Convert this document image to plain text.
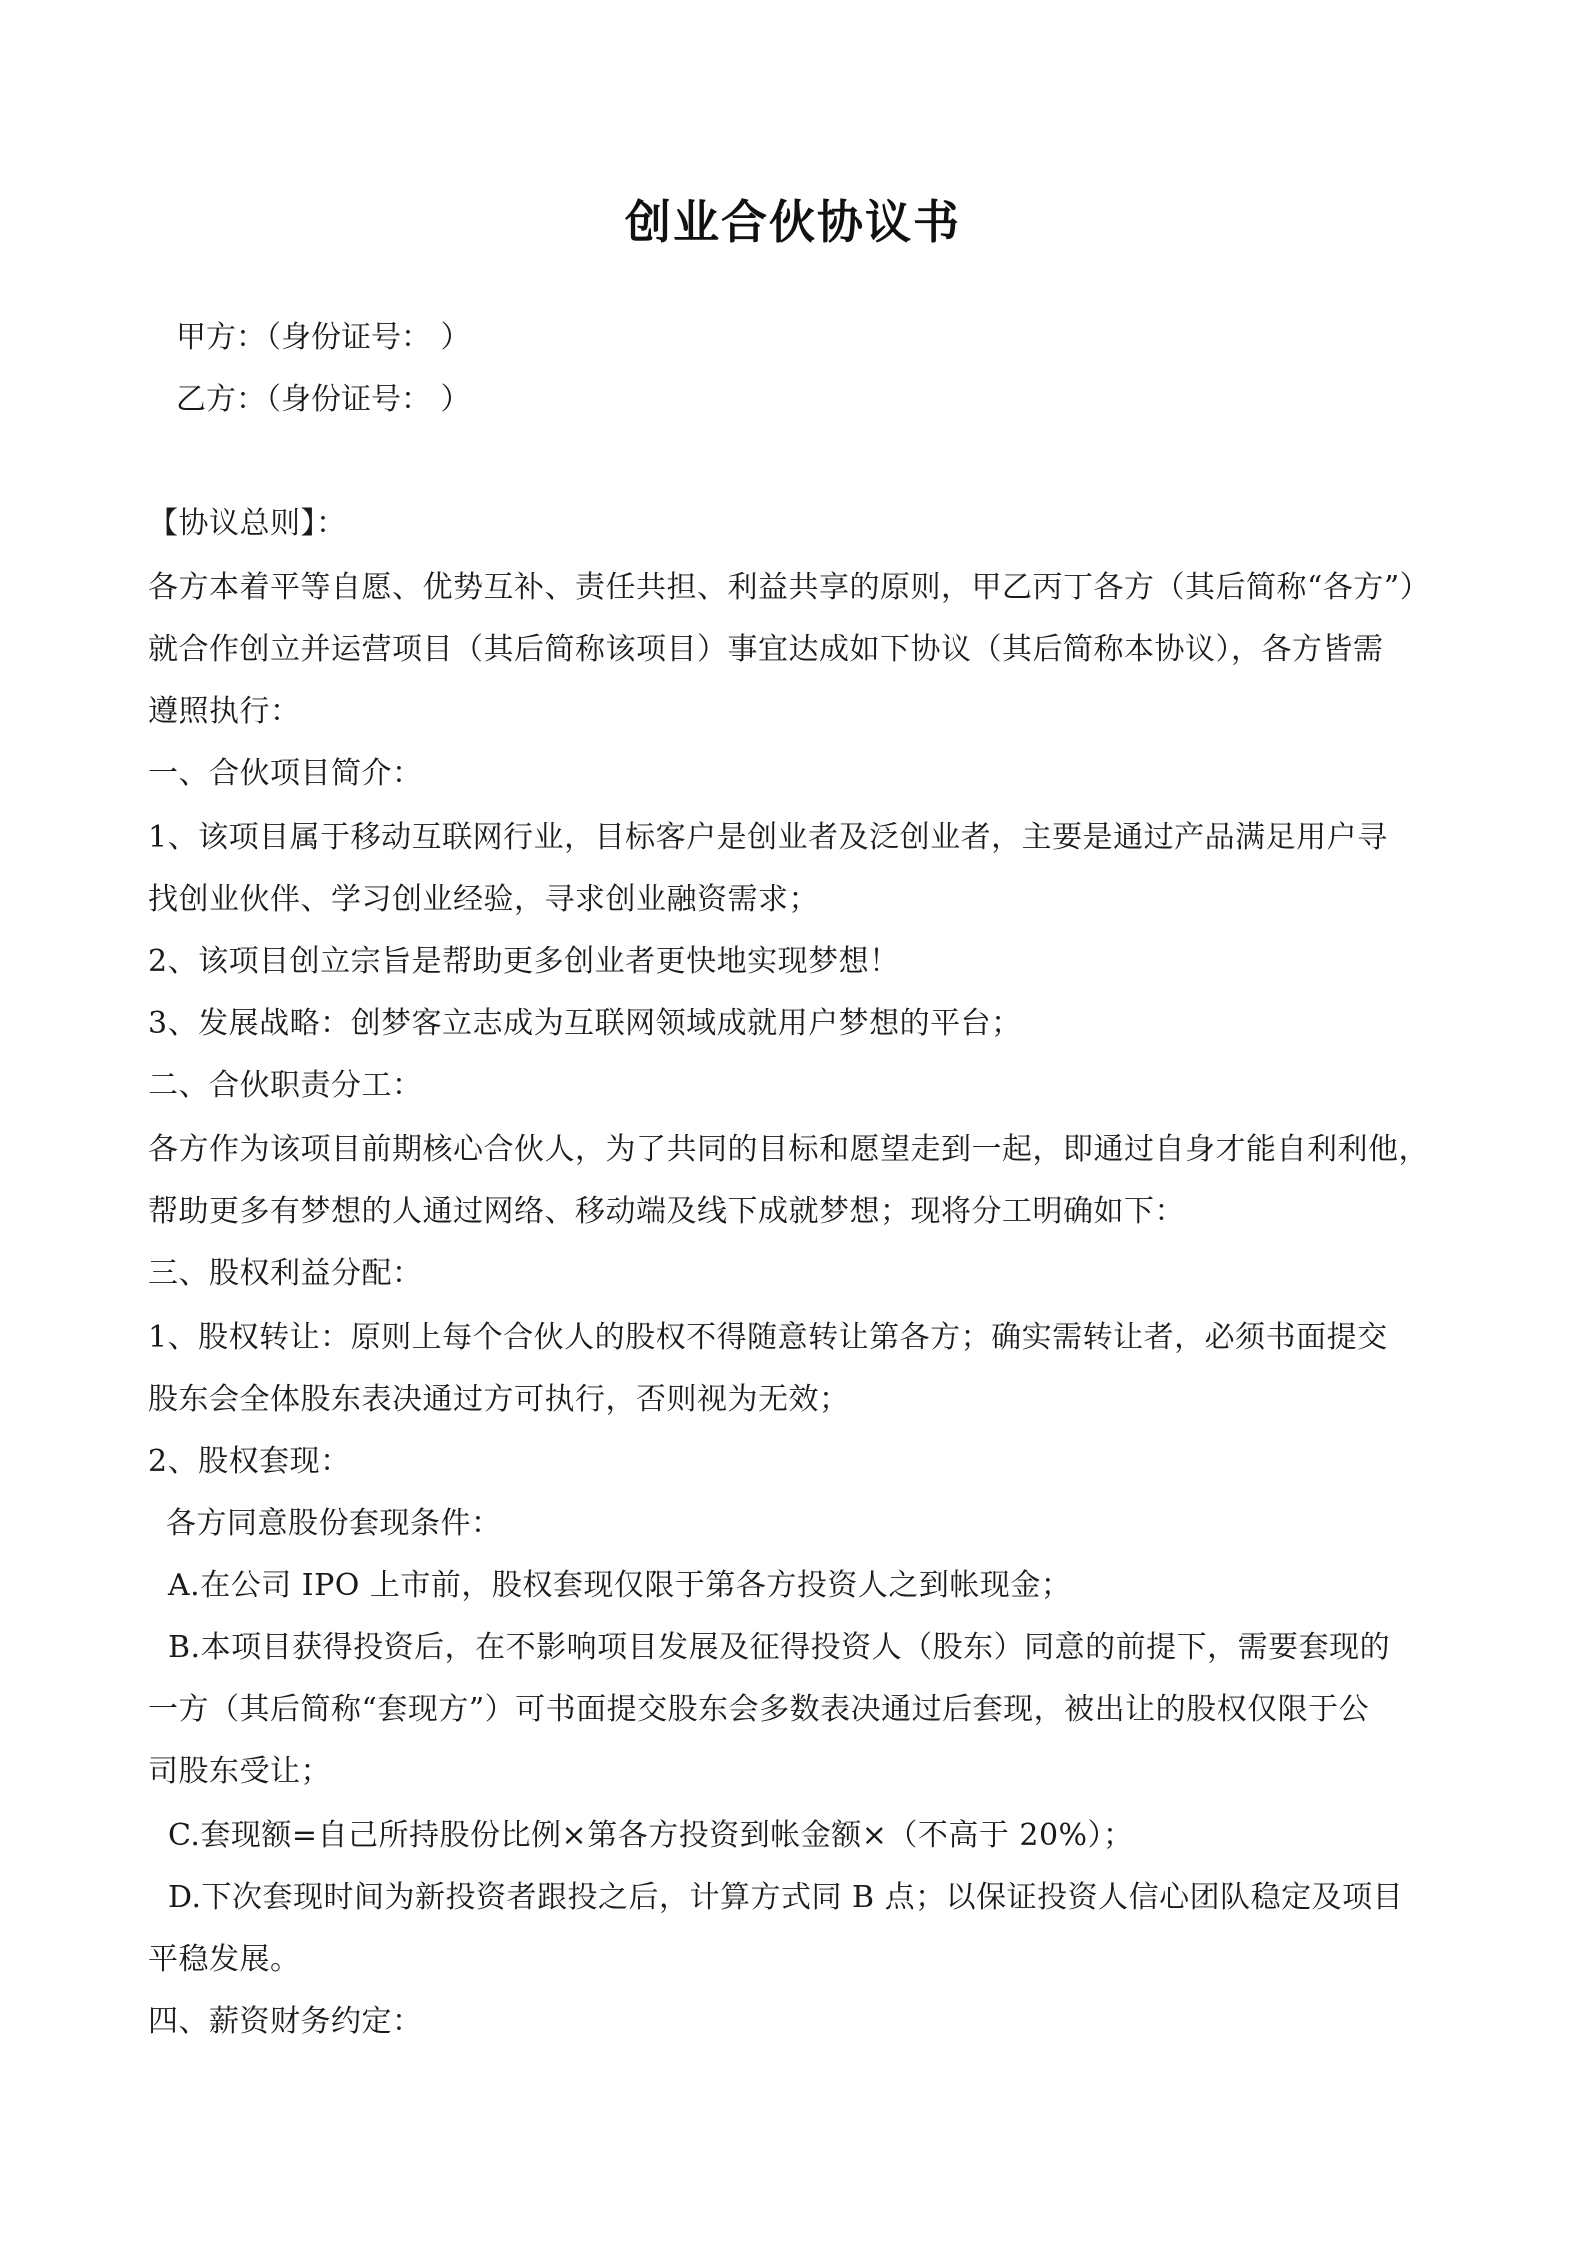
创业合伙协议书
甲方：（身份证号： ）
乙方：（身份证号： ）
【协议总则】：
各方本着平等自愿、优势互补、责任共担、利益共享的原则，甲乙丙丁各方（其后简称“各方”）
就合作创立并运营项目（其后简称该项目）事宜达成如下协议（其后简称本协议），各方皆需
遵照执行：
一、合伙项目简介：
1、该项目属于移动互联网行业，目标客户是创业者及泛创业者，主要是通过产品满足用户寻
找创业伙伴、学习创业经验，寻求创业融资需求；
2、该项目创立宗旨是帮助更多创业者更快地实现梦想！
3、发展战略：创梦客立志成为互联网领域成就用户梦想的平台；
二、合伙职责分工：
各方作为该项目前期核心合伙人，为了共同的目标和愿望走到一起，即通过自身才能自利利他，
帮助更多有梦想的人通过网络、移动端及线下成就梦想；现将分工明确如下：
三、股权利益分配：
1、股权转让：原则上每个合伙人的股权不得随意转让第各方；确实需转让者，必须书面提交
股东会全体股东表决通过方可执行，否则视为无效；
2、股权套现：
各方同意股份套现条件：
A.在公司 IPO 上市前，股权套现仅限于第各方投资人之到帐现金；
B.本项目获得投资后，在不影响项目发展及征得投资人（股东）同意的前提下，需要套现的
一方（其后简称“套现方”）可书面提交股东会多数表决通过后套现，被出让的股权仅限于公
司股东受让；
C.套现额=自己所持股份比例×第各方投资到帐金额×（不高于 20%）；
D.下次套现时间为新投资者跟投之后，计算方式同 B 点；以保证投资人信心团队稳定及项目
平稳发展。
四、薪资财务约定：
